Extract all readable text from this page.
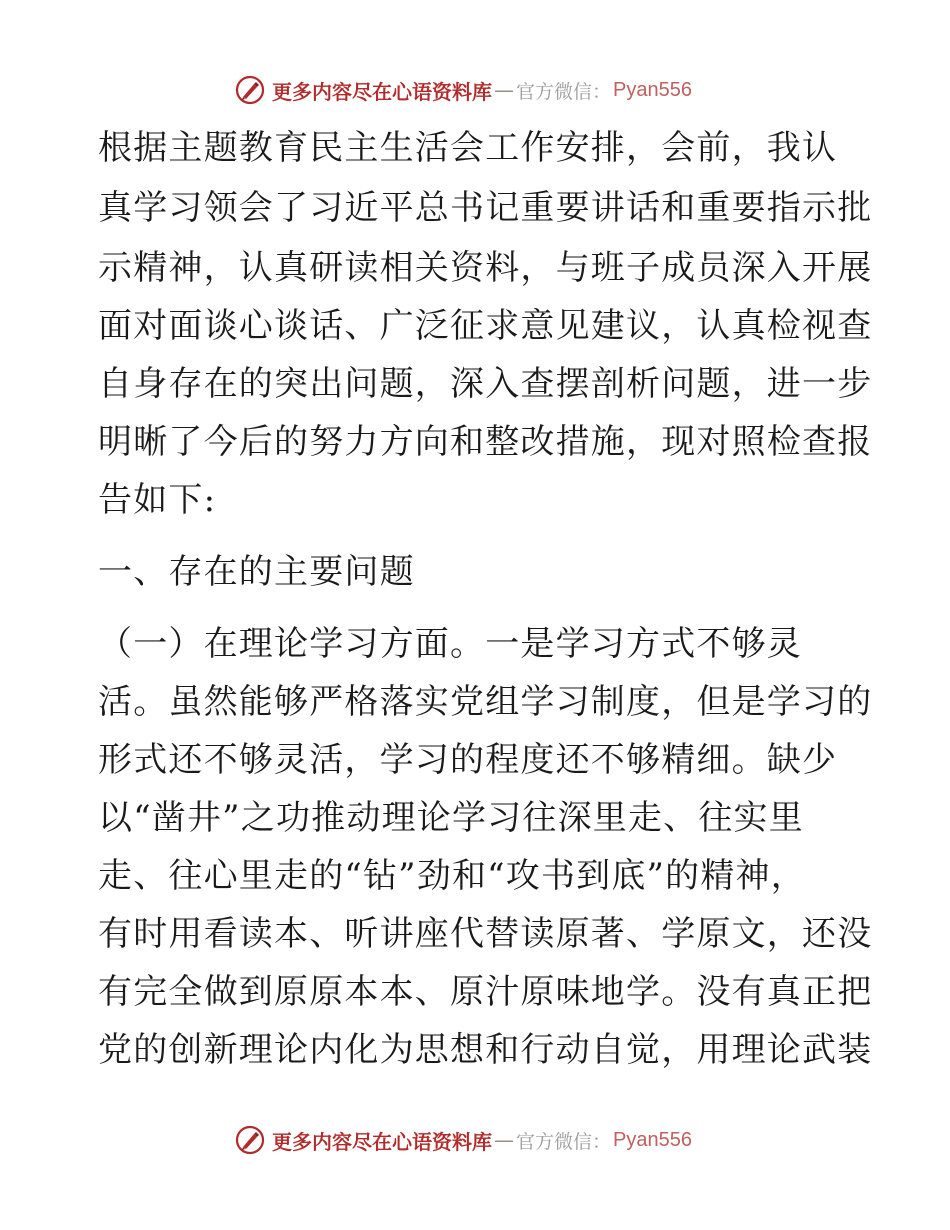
更多内容尽在心语资料库 — 官方微信： Pyan556
根据主题教育民主生活会工作安排，会前，我认
真学习领会了习近平总书记重要讲话和重要指示批
示精神，认真研读相关资料，与班子成员深入开展
面对面谈心谈话、广泛征求意见建议，认真检视查
自身存在的突出问题，深入查摆剖析问题，进一步
明晰了今后的努力方向和整改措施，现对照检查报
告如下:
一、存在的主要问题
（一）在理论学习方面。一是学习方式不够灵
活。虽然能够严格落实党组学习制度，但是学习的
形式还不够灵活，学习的程度还不够精细。缺少
以“凿井”之功推动理论学习往深里走、往实里
走、往心里走的“钻”劲和“攻书到底”的精神，
有时用看读本、听讲座代替读原著、学原文，还没
有完全做到原原本本、原汁原味地学。没有真正把
党的创新理论内化为思想和行动自觉，用理论武装
更多内容尽在心语资料库 — 官方微信： Pyan556
